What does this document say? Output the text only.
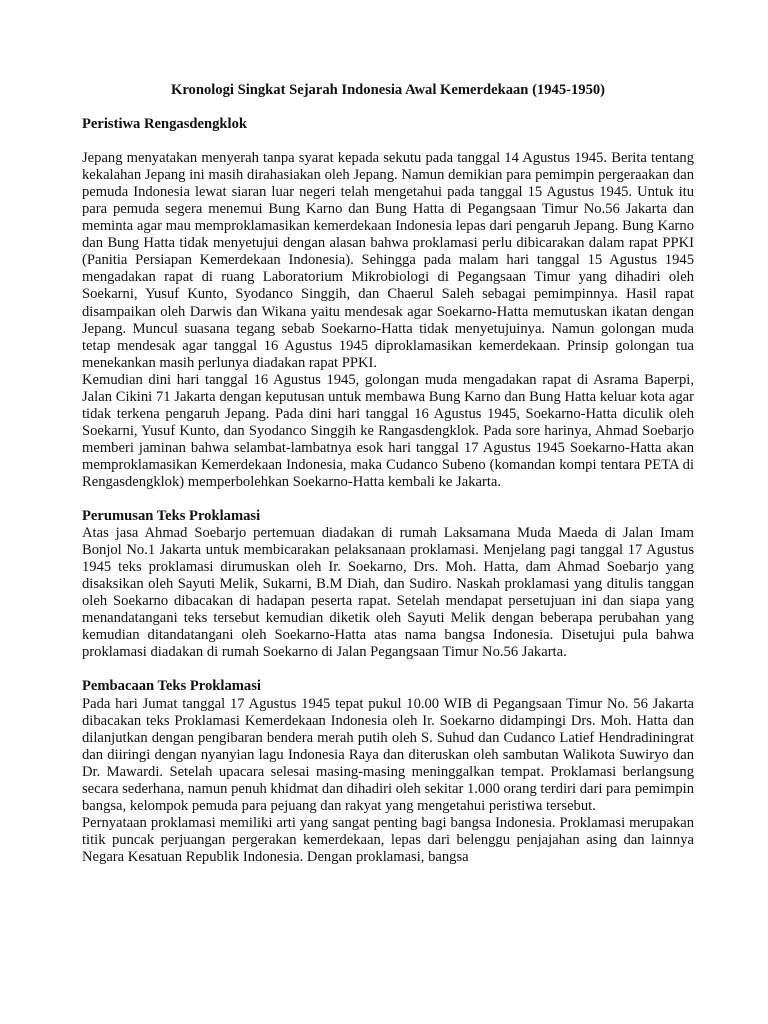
Kronologi Singkat Sejarah Indonesia Awal Kemerdekaan (1945-1950)
Peristiwa Rengasdengklok

Jepang menyatakan menyerah tanpa syarat kepada sekutu pada tanggal 14 Agustus 1945. Berita tentang kekalahan Jepang ini masih dirahasiakan oleh Jepang. Namun demikian para pemimpin pergeraakan dan pemuda Indonesia lewat siaran luar negeri telah mengetahui pada tanggal 15 Agustus 1945. Untuk itu para pemuda segera menemui Bung Karno dan Bung Hatta di Pegangsaan Timur No.56 Jakarta dan meminta agar mau memproklamasikan kemerdekaan Indonesia lepas dari pengaruh Jepang. Bung Karno dan Bung Hatta tidak menyetujui dengan alasan bahwa proklamasi perlu dibicarakan dalam rapat PPKI (Panitia Persiapan Kemerdekaan Indonesia). Sehingga pada malam hari tanggal 15 Agustus 1945 mengadakan rapat di ruang Laboratorium Mikrobiologi di Pegangsaan Timur yang dihadiri oleh Soekarni, Yusuf Kunto, Syodanco Singgih, dan Chaerul Saleh sebagai pemimpinnya. Hasil rapat disampaikan oleh Darwis dan Wikana yaitu mendesak agar Soekarno-Hatta memutuskan ikatan dengan Jepang. Muncul suasana tegang sebab Soekarno-Hatta tidak menyetujuinya. Namun golongan muda tetap mendesak agar tanggal 16 Agustus 1945 diproklamasikan kemerdekaan. Prinsip golongan tua menekankan masih perlunya diadakan rapat PPKI.

Kemudian dini hari tanggal 16 Agustus 1945, golongan muda mengadakan rapat di Asrama Baperpi, Jalan Cikini 71 Jakarta dengan keputusan untuk membawa Bung Karno dan Bung Hatta keluar kota agar tidak terkena pengaruh Jepang. Pada dini hari tanggal 16 Agustus 1945, Soekarno-Hatta diculik oleh Soekarni, Yusuf Kunto, dan Syodanco Singgih ke Rangasdengklok. Pada sore harinya, Ahmad Soebarjo memberi jaminan bahwa selambat-lambatnya esok hari tanggal 17 Agustus 1945 Soekarno-Hatta akan memproklamasikan Kemerdekaan Indonesia, maka Cudanco Subeno (komandan kompi tentara PETA di Rengasdengklok) memperbolehkan Soekarno-Hatta kembali ke Jakarta.

Perumusan Teks Proklamasi

Atas jasa Ahmad Soebarjo pertemuan diadakan di rumah Laksamana Muda Maeda di Jalan Imam Bonjol No.1 Jakarta untuk membicarakan pelaksanaan proklamasi. Menjelang pagi tanggal 17 Agustus 1945 teks proklamasi dirumuskan oleh Ir. Soekarno, Drs. Moh. Hatta, dam Ahmad Soebarjo yang disaksikan oleh Sayuti Melik, Sukarni, B.M Diah, dan Sudiro. Naskah proklamasi yang ditulis tanggan oleh Soekarno dibacakan di hadapan peserta rapat. Setelah mendapat persetujuan ini dan siapa yang menandatangani teks tersebut kemudian diketik oleh Sayuti Melik dengan beberapa perubahan yang kemudian ditandatangani oleh Soekarno-Hatta atas nama bangsa Indonesia. Disetujui pula bahwa proklamasi diadakan di rumah Soekarno di Jalan Pegangsaan Timur No.56 Jakarta.

Pembacaan Teks Proklamasi

Pada hari Jumat tanggal 17 Agustus 1945 tepat pukul 10.00 WIB di Pegangsaan Timur No. 56 Jakarta dibacakan teks Proklamasi Kemerdekaan Indonesia oleh Ir. Soekarno didampingi Drs. Moh. Hatta dan dilanjutkan dengan pengibaran bendera merah putih oleh S. Suhud dan Cudanco Latief Hendradiningrat dan diiringi dengan nyanyian lagu Indonesia Raya dan diteruskan oleh sambutan Walikota Suwiryo dan Dr. Mawardi. Setelah upacara selesai masing-masing meninggalkan tempat. Proklamasi berlangsung secara sederhana, namun penuh khidmat dan dihadiri oleh sekitar 1.000 orang terdiri dari para pemimpin bangsa, kelompok pemuda para pejuang dan rakyat yang mengetahui peristiwa tersebut.

Pernyataan proklamasi memiliki arti yang sangat penting bagi bangsa Indonesia. Proklamasi merupakan titik puncak perjuangan pergerakan kemerdekaan, lepas dari belenggu penjajahan asing dan lainnya Negara Kesatuan Republik Indonesia. Dengan proklamasi, bangsa
